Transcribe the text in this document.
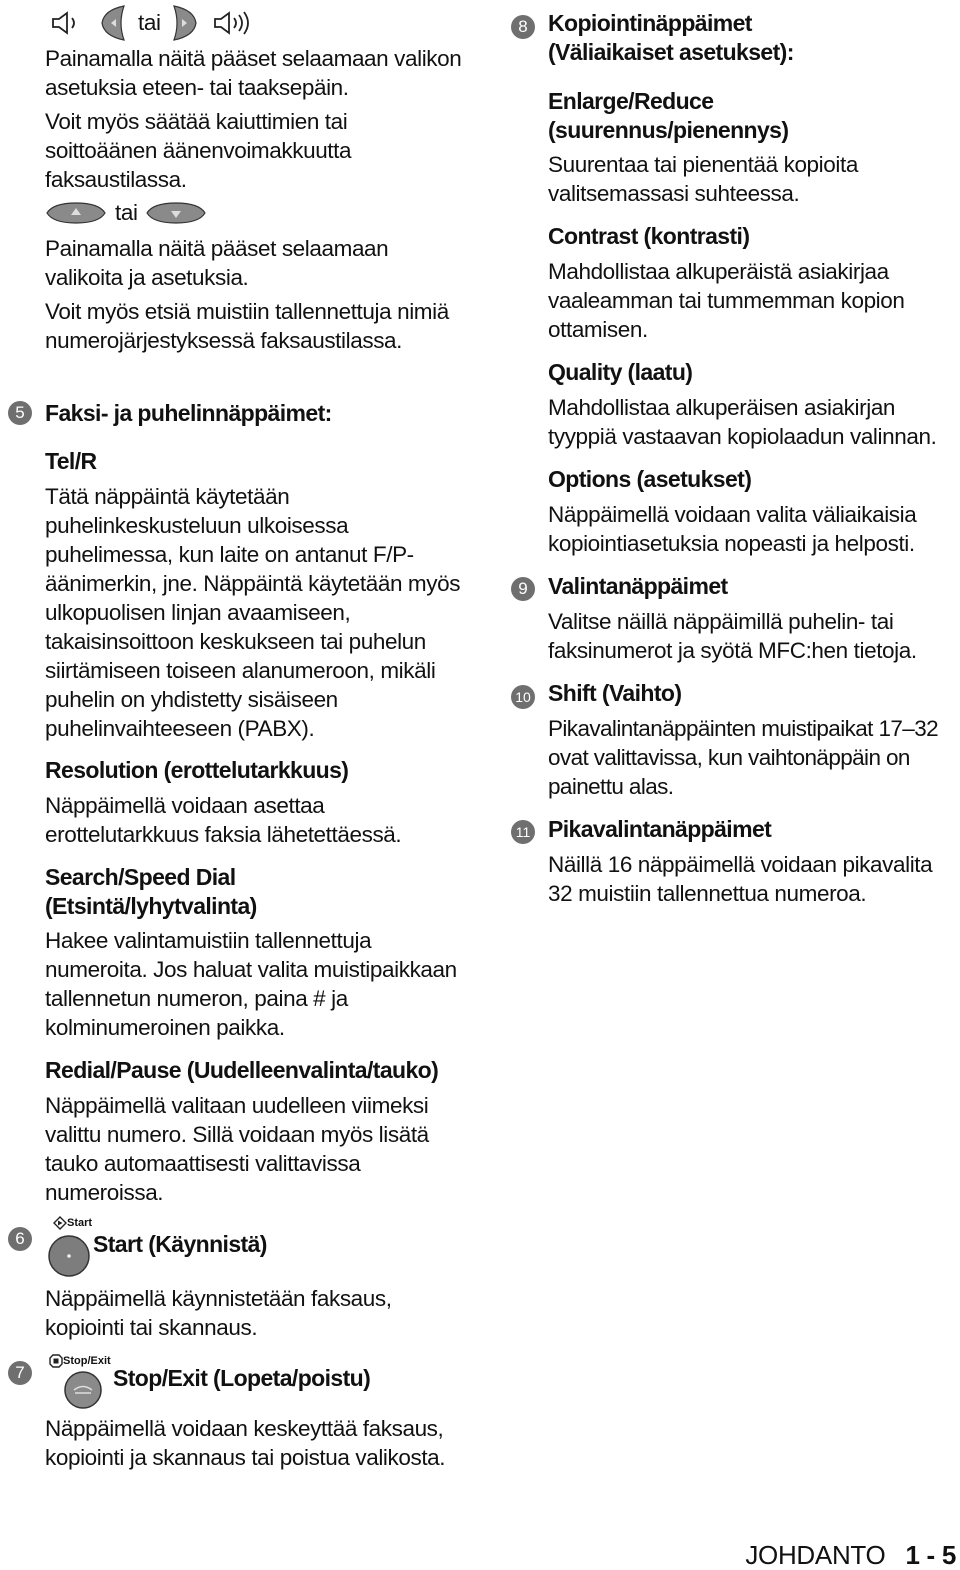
tai

Painamalla näitä pääset selaamaan valikon asetuksia eteen- tai taaksepäin.

Voit myös säätää kaiuttimien tai soittoäänen äänenvoimakkuutta faksaustilassa.

tai

Painamalla näitä pääset selaamaan valikoita ja asetuksia.

Voit myös etsiä muistiin tallennettuja nimiä numerojärjestyksessä faksaustilassa.

Faksi- ja puhelinnäppäimet:

Tel/R

Tätä näppäintä käytetään puhelinkeskusteluun ulkoisessa puhelimessa, kun laite on antanut F/P-äänimerkin, jne. Näppäintä käytetään myös ulkopuolisen linjan avaamiseen, takaisinsoittoon keskukseen tai puhelun siirtämiseen toiseen alanumeroon, mikäli puhelin on yhdistetty sisäiseen puhelinvaihteeseen (PABX).

Resolution (erottelutarkkuus)

Näppäimellä voidaan asettaa erottelutarkkuus faksia lähetettäessä.

Search/Speed Dial (Etsintä/lyhytvalinta)

Hakee valintamuistiin tallennettuja numeroita. Jos haluat valita muistipaikkaan tallennetun numeron, paina # ja kolminumeroinen paikka.

Redial/Pause (Uudelleenvalinta/tauko)

Näppäimellä valitaan uudelleen viimeksi valittu numero. Sillä voidaan myös lisätä tauko automaattisesti valittavissa numeroissa.

Start

Start (Käynnistä)

Näppäimellä käynnistetään faksaus, kopiointi tai skannaus.

Stop/Exit

Stop/Exit (Lopeta/poistu)

Näppäimellä voidaan keskeyttää faksaus, kopiointi ja skannaus tai poistua valikosta.

5
6
7
8
9
10
11

Kopiointinäppäimet (Väliaikaiset asetukset):

Enlarge/Reduce (suurennus/pienennys)

Suurentaa tai pienentää kopioita valitsemassasi suhteessa.

Contrast (kontrasti)

Mahdollistaa alkuperäistä asiakirjaa vaaleamman tai tummemman kopion ottamisen.

Quality (laatu)

Mahdollistaa alkuperäisen asiakirjan tyyppiä vastaavan kopiolaadun valinnan.

Options (asetukset)

Näppäimellä voidaan valita väliaikaisia kopiointiasetuksia nopeasti ja helposti.

Valintanäppäimet

Valitse näillä näppäimillä puhelin- tai faksinumerot ja syötä MFC:hen tietoja.

Shift (Vaihto)

Pikavalintanäppäinten muistipaikat 17–32 ovat valittavissa, kun vaihtonäppäin on painettu alas.

Pikavalintanäppäimet

Näillä 16 näppäimellä voidaan pikavalita 32 muistiin tallennettua numeroa.

JOHDANTO 1 - 5
